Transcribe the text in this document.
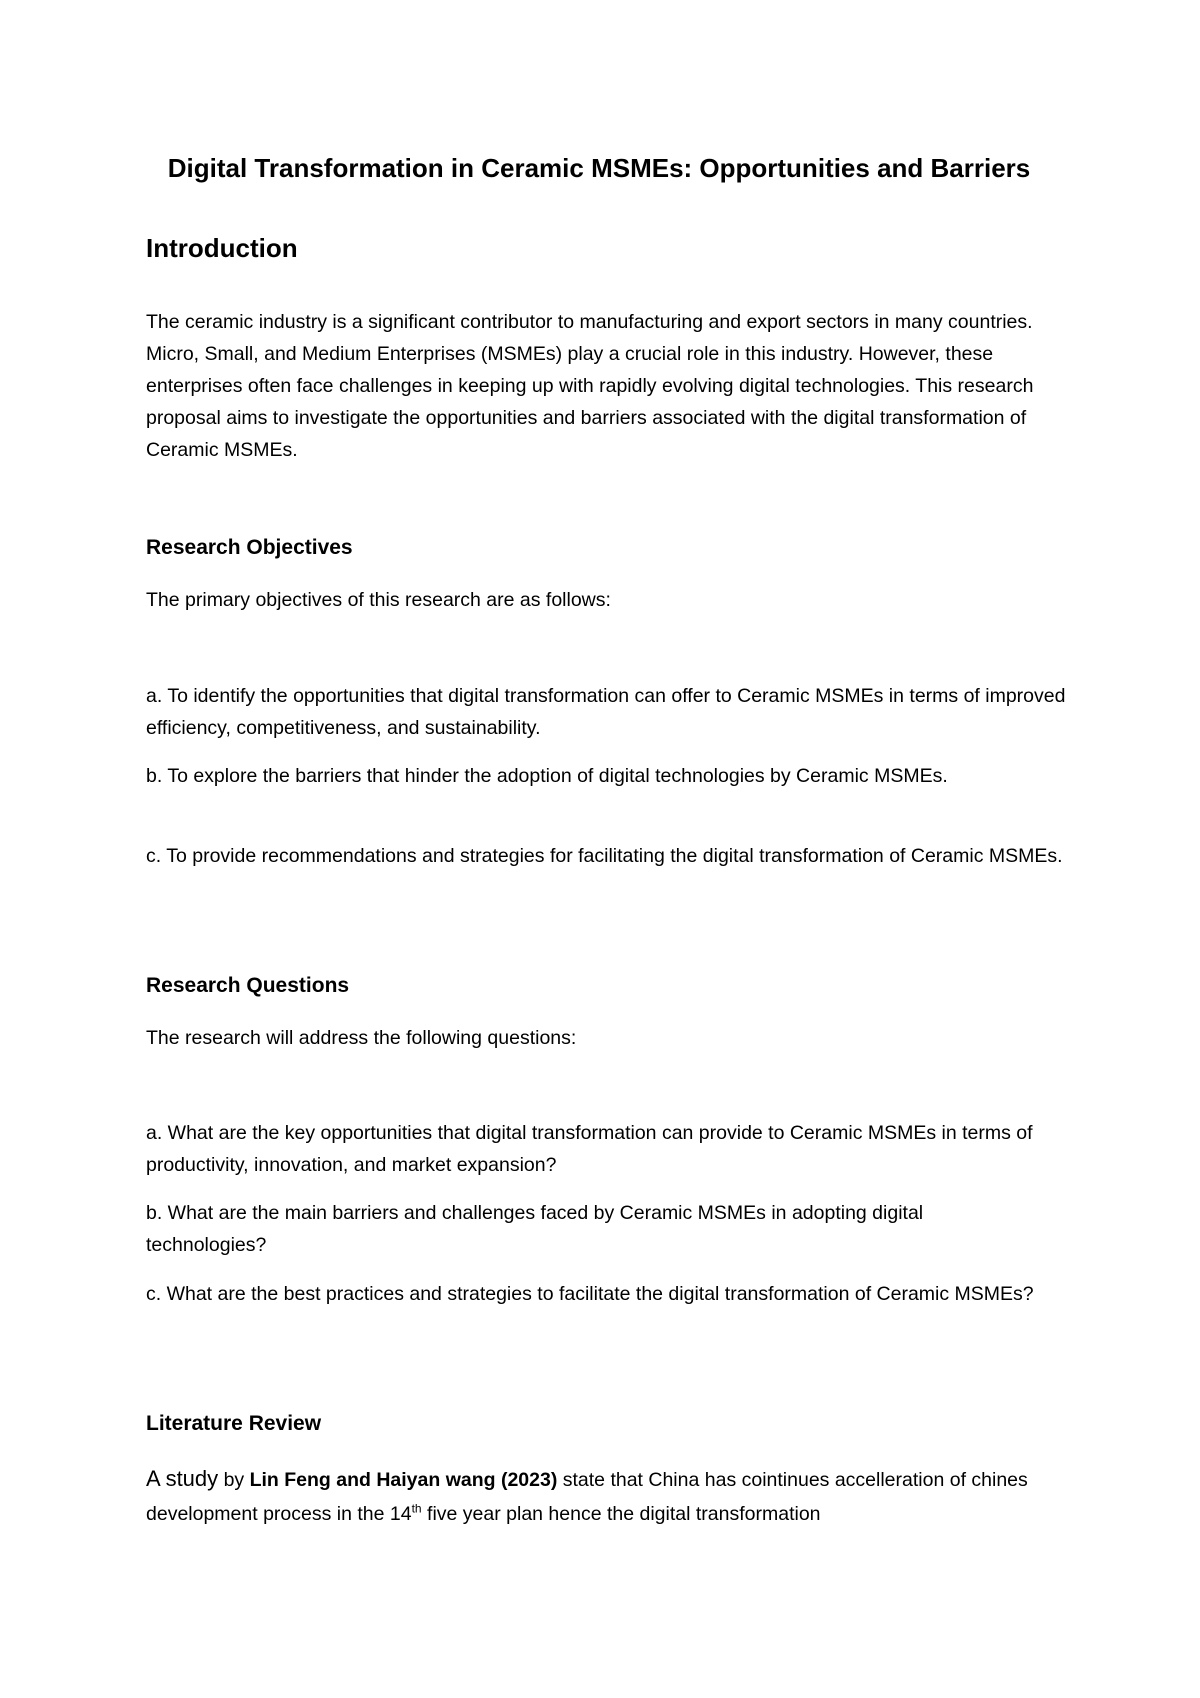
Digital Transformation in Ceramic MSMEs: Opportunities and Barriers
Introduction

The ceramic industry is a significant contributor to manufacturing and export sectors in many countries. Micro, Small, and Medium Enterprises (MSMEs) play a crucial role in this industry. However, these enterprises often face challenges in keeping up with rapidly evolving digital technologies. This research proposal aims to investigate the opportunities and barriers associated with the digital transformation of Ceramic MSMEs.

Research Objectives

The primary objectives of this research are as follows:

a. To identify the opportunities that digital transformation can offer to Ceramic MSMEs in terms of improved efficiency, competitiveness, and sustainability.

b. To explore the barriers that hinder the adoption of digital technologies by Ceramic MSMEs.

c. To provide recommendations and strategies for facilitating the digital transformation of Ceramic MSMEs.

Research Questions

The research will address the following questions:

a. What are the key opportunities that digital transformation can provide to Ceramic MSMEs in terms of productivity, innovation, and market expansion?

b. What are the main barriers and challenges faced by Ceramic MSMEs in adopting digital technologies?

c. What are the best practices and strategies to facilitate the digital transformation of Ceramic MSMEs?

Literature Review

A study by Lin Feng and Haiyan wang (2023) state that China has cointinues accelleration of chines development process in the 14th five year plan hence the digital transformation
